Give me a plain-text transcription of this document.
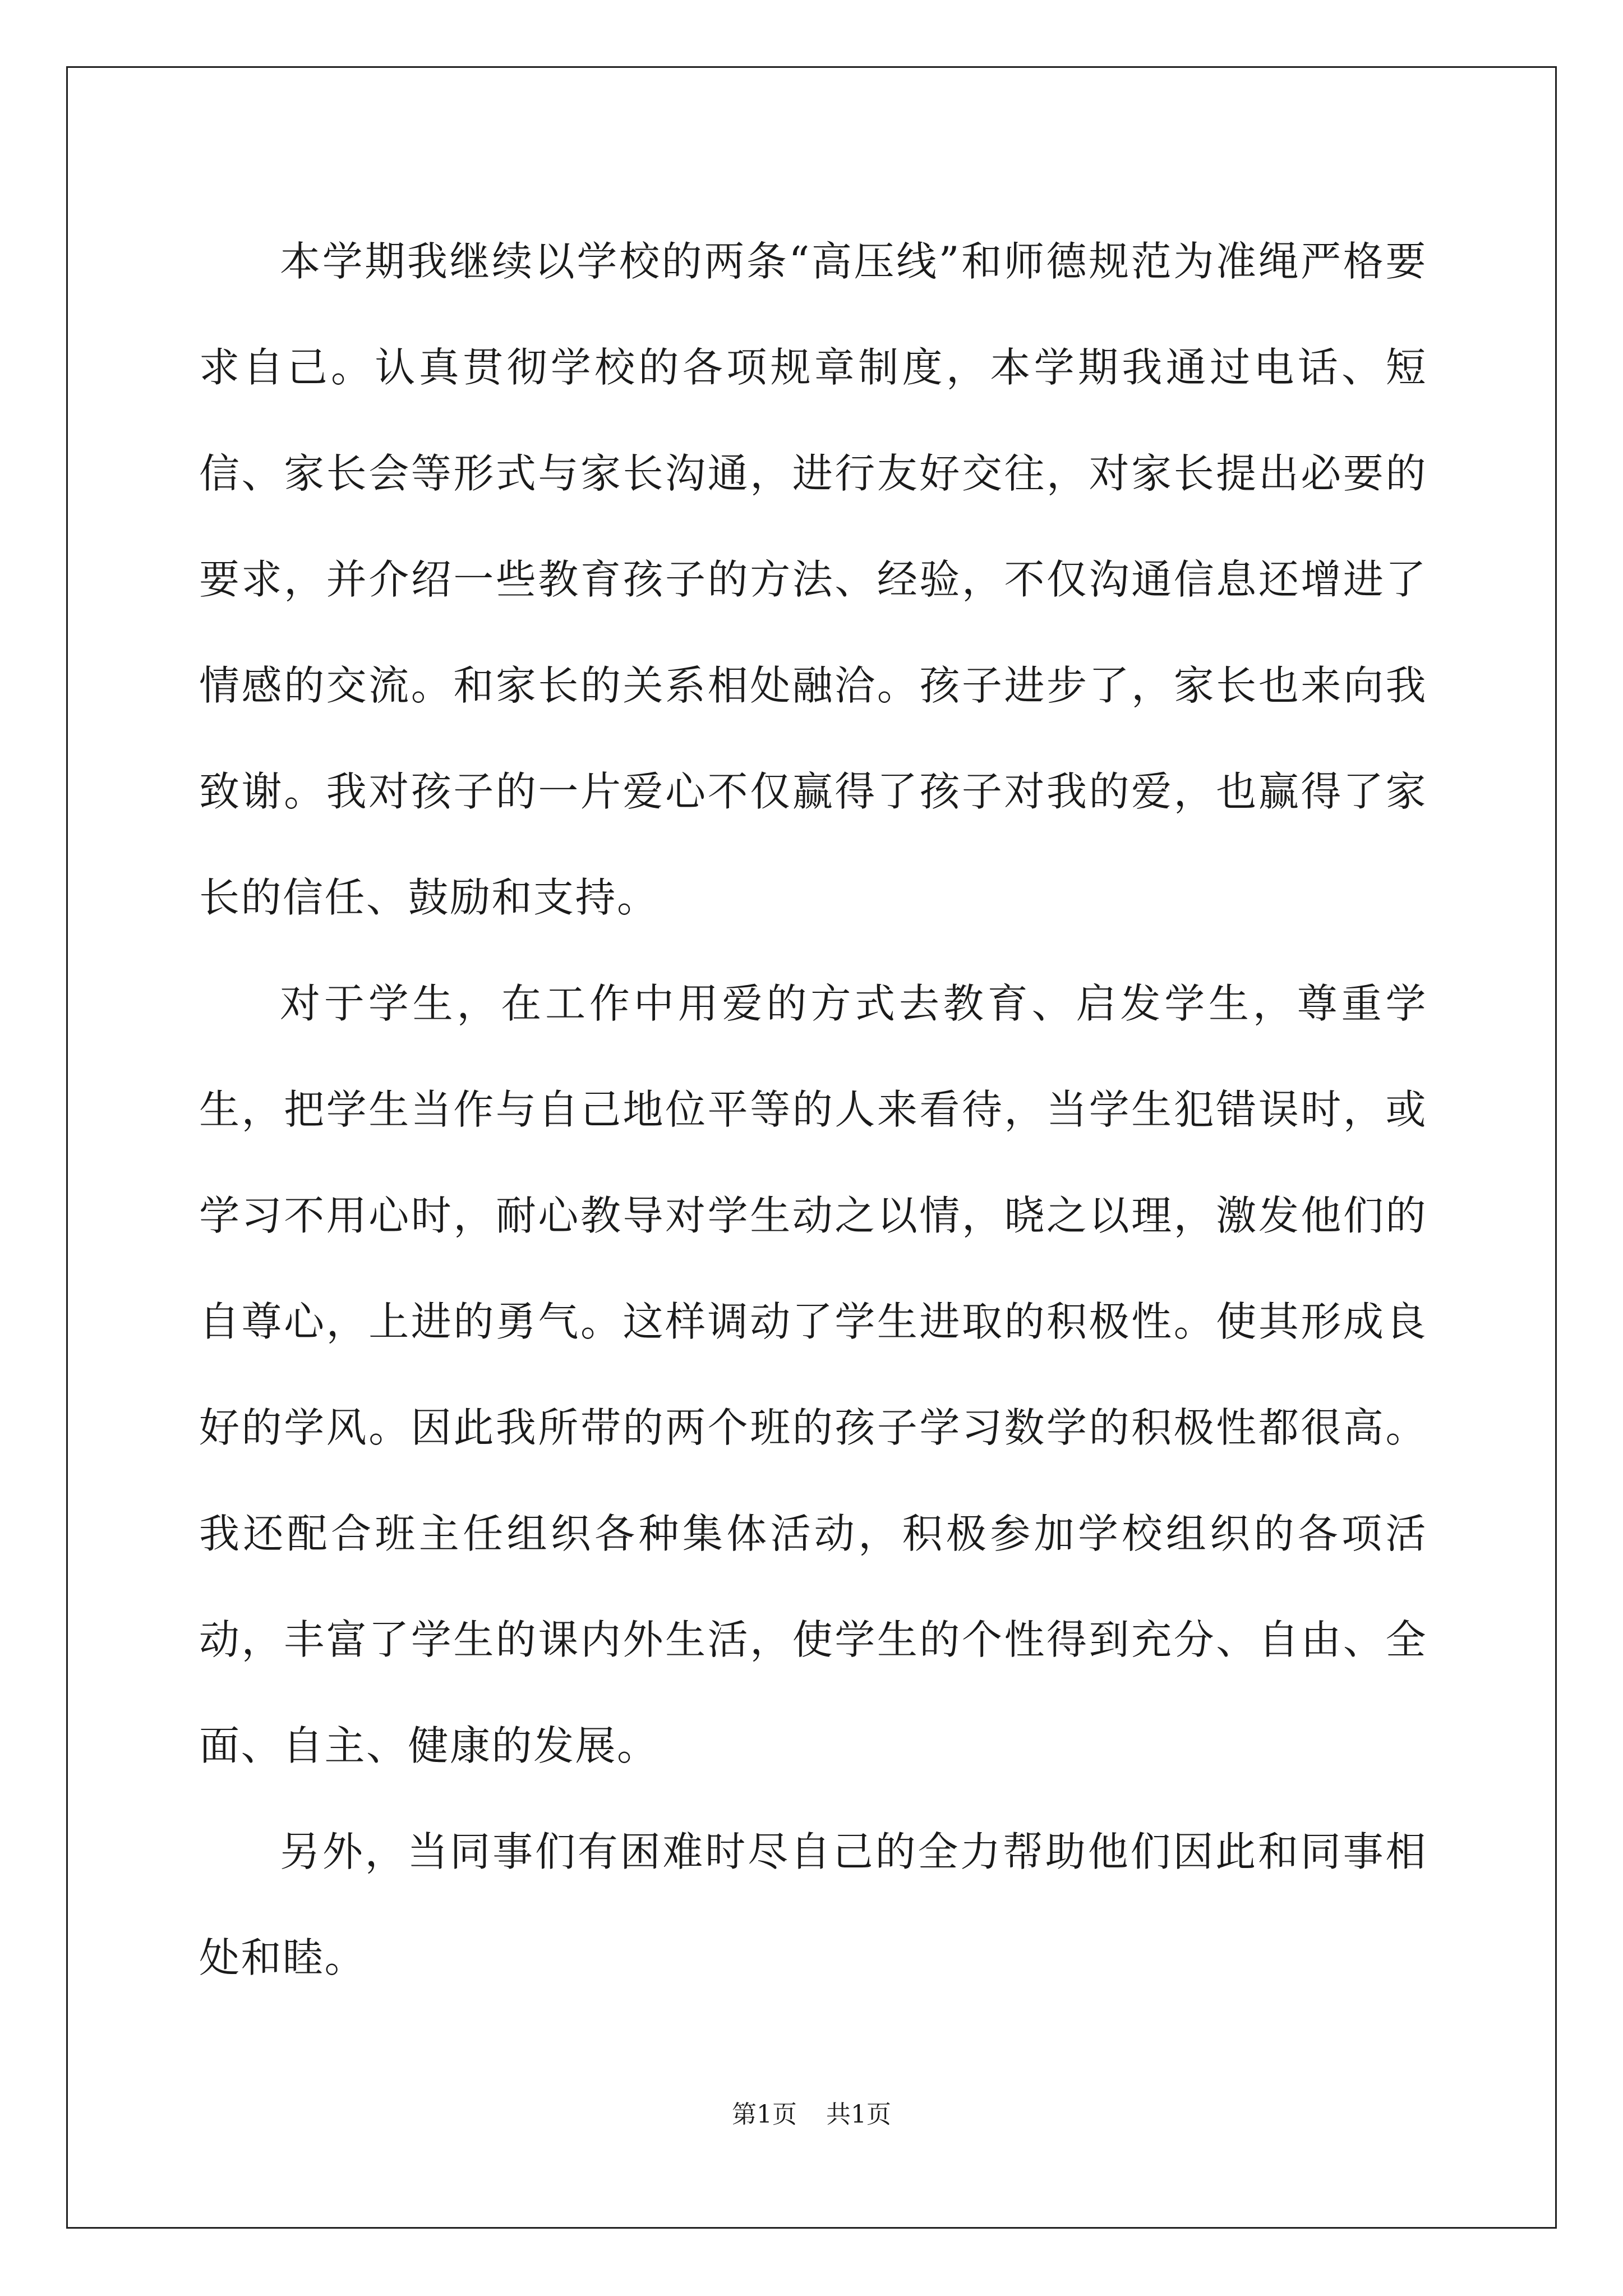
本学期我继续以学校的两条“高压线”和师德规范为准绳严格要求自己。认真贯彻学校的各项规章制度，本学期我通过电话、短信、家长会等形式与家长沟通，进行友好交往，对家长提出必要的要求，并介绍一些教育孩子的方法、经验，不仅沟通信息还增进了情感的交流。和家长的关系相处融洽。孩子进步了，家长也来向我致谢。我对孩子的一片爱心不仅赢得了孩子对我的爱，也赢得了家长的信任、鼓励和支持。

对于学生，在工作中用爱的方式去教育、启发学生，尊重学生，把学生当作与自己地位平等的人来看待，当学生犯错误时，或学习不用心时，耐心教导对学生动之以情，晓之以理，激发他们的自尊心，上进的勇气。这样调动了学生进取的积极性。使其形成良好的学风。因此我所带的两个班的孩子学习数学的积极性都很高。我还配合班主任组织各种集体活动，积极参加学校组织的各项活动，丰富了学生的课内外生活，使学生的个性得到充分、自由、全面、自主、健康的发展。

另外，当同事们有困难时尽自己的全力帮助他们因此和同事相处和睦。

第1页 共1页
